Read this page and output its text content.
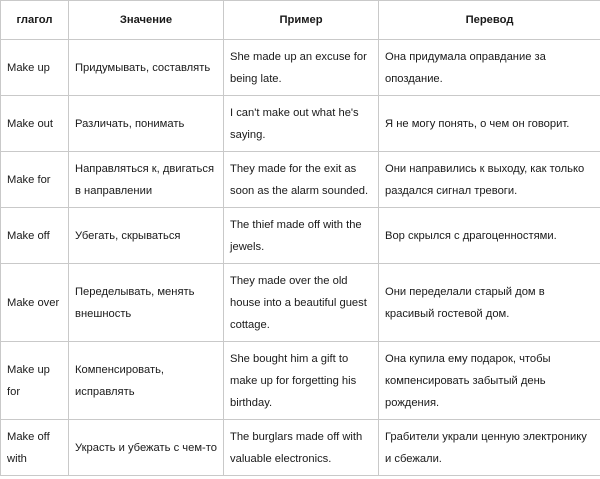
глагол	Значение	Пример	Перевод
Make up	Придумывать, составлять	She made up an excuse for being late.	Она придумала оправдание за опоздание.
Make out	Различать, понимать	I can't make out what he's saying.	Я не могу понять, о чем он говорит.
Make for	Направляться к, двигаться в направлении	They made for the exit as soon as the alarm sounded.	Они направились к выходу, как только раздался сигнал тревоги.
Make off	Убегать, скрываться	The thief made off with the jewels.	Вор скрылся с драгоценностями.
Make over	Переделывать, менять внешность	They made over the old house into a beautiful guest cottage.	Они переделали старый дом в красивый гостевой дом.
Make up for	Компенсировать, исправлять	She bought him a gift to make up for forgetting his birthday.	Она купила ему подарок, чтобы компенсировать забытый день рождения.
Make off with	Украсть и убежать с чем-то	The burglars made off with valuable electronics.	Грабители украли ценную электронику и сбежали.
